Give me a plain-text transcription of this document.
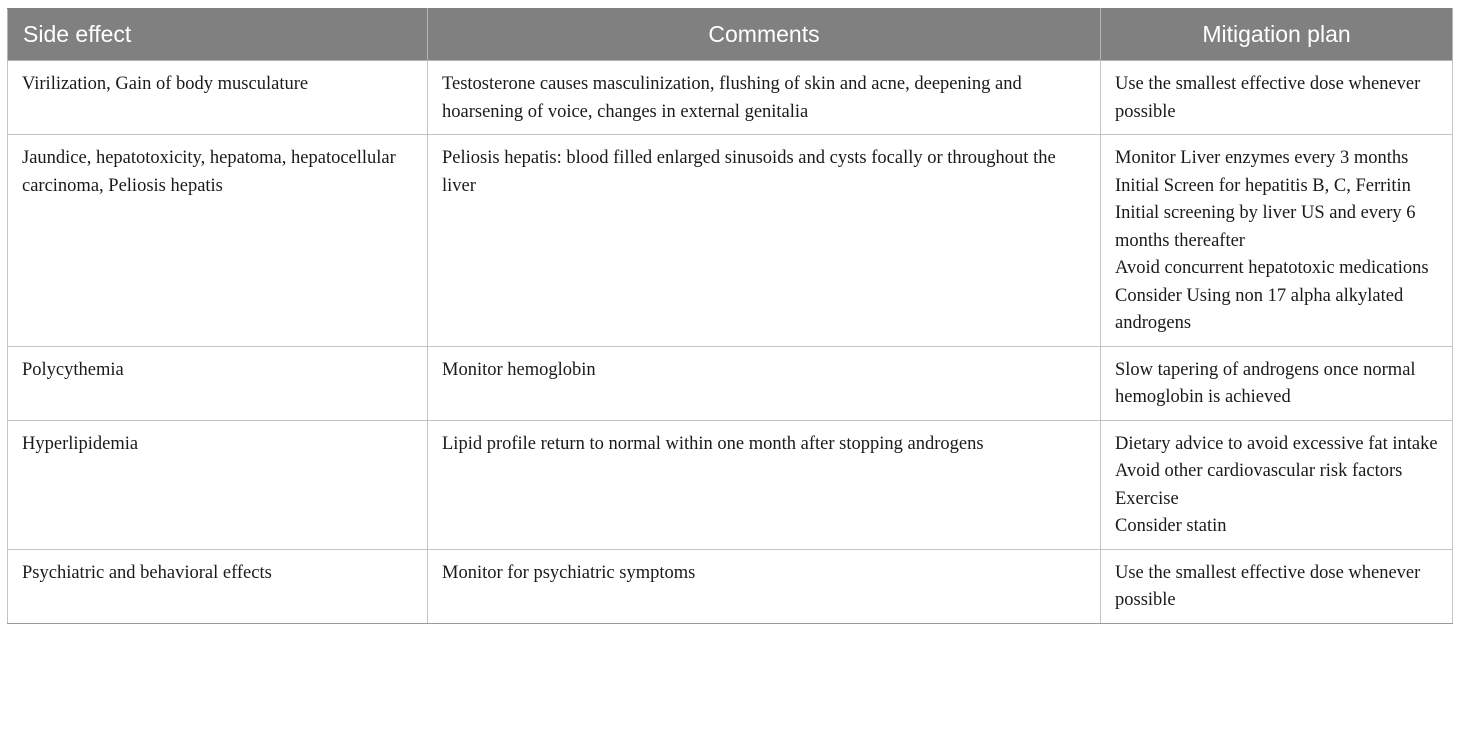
Side effect	Comments	Mitigation plan
Virilization, Gain of body musculature	Testosterone causes masculinization, flushing of skin and acne, deepening and hoarsening of voice, changes in external genitalia	Use the smallest effective dose whenever possible

Jaundice, hepatotoxicity, hepatoma, hepatocellular carcinoma, Peliosis hepatis	Peliosis hepatis: blood filled enlarged sinusoids and cysts focally or throughout the liver	Monitor Liver enzymes every 3 months
Initial Screen for hepatitis B, C, Ferritin
Initial screening by liver US and every 6 months thereafter
Avoid concurrent hepatotoxic medications
Consider Using non 17 alpha alkylated androgens

Polycythemia	Monitor hemoglobin	Slow tapering of androgens once normal hemoglobin is achieved

Hyperlipidemia	Lipid profile return to normal within one month after stopping androgens	Dietary advice to avoid excessive fat intake
Avoid other cardiovascular risk factors
Exercise
Consider statin

Psychiatric and behavioral effects	Monitor for psychiatric symptoms	Use the smallest effective dose whenever possible
